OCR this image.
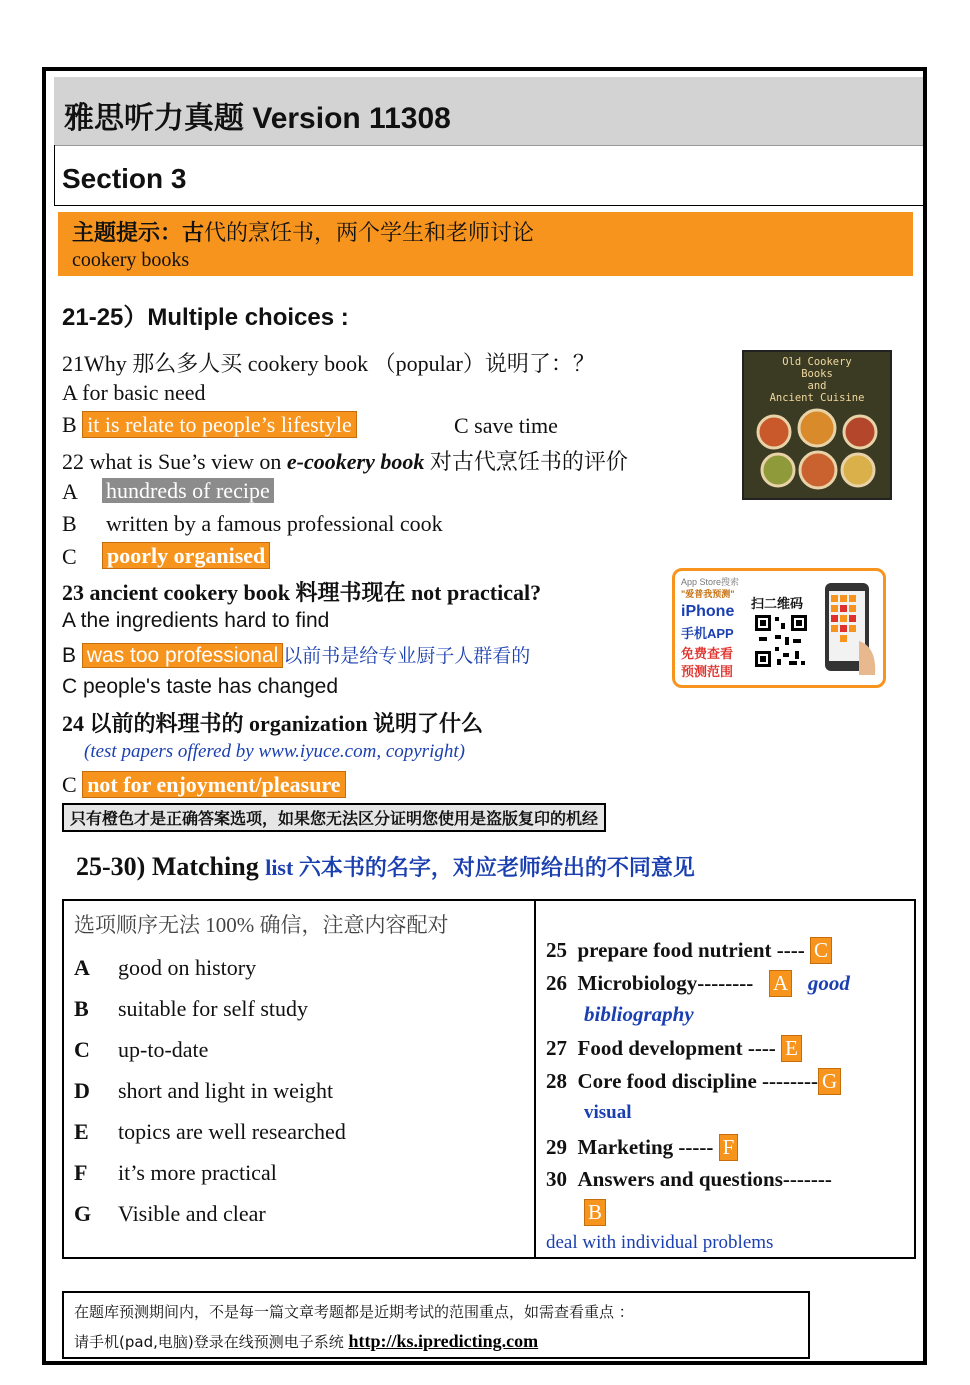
雅思听力真题 Version 11308
Section 3
主题提示：古代的烹饪书，两个学生和老师讨论
cookery books
21-25）Multiple choices :
21Why 那么多人买 cookery book （popular）说明了：？
A for basic need
B it is relate to people’s lifestyle	C save time
22 what is Sue’s view on e-cookery book 对古代烹饪书的评价
A hundreds of recipe
B written by a famous professional cook
C poorly organised
23 ancient cookery book 料理书现在 not practical?
A the ingredients hard to find
B was too professional 以前书是给专业厨子人群看的
C people's taste has changed
24 以前的料理书的 organization 说明了什么
(test papers offered by www.iyuce.com, copyright)
C not for enjoyment/pleasure
只有橙色才是正确答案选项，如果您无法区分证明您使用是盗版复印的机经
Old Cookery
Books
and
Ancient Cuisine
App Store搜索
"爱普我预测"
iPhone
手机APP
免费查看
预测范围
扫二维码
25-30) Matching list 六本书的名字，对应老师给出的不同意见
选项顺序无法 100% 确信，注意内容配对
A good on history
B suitable for self study
C up-to-date
D short and light in weight
E topics are well researched
F it’s more practical
G Visible and clear
25 prepare food nutrient ---- C
26 Microbiology-------- A good
bibliography
27 Food development ---- E
28 Core food discipline -------- G
visual
29 Marketing ----- F
30 Answers and questions-------
B
deal with individual problems
在题库预测期间内，不是每一篇文章考题都是近期考试的范围重点，如需查看重点 ：
请手机(pad,电脑)登录在线预测电子系统 http://ks.ipredicting.com
